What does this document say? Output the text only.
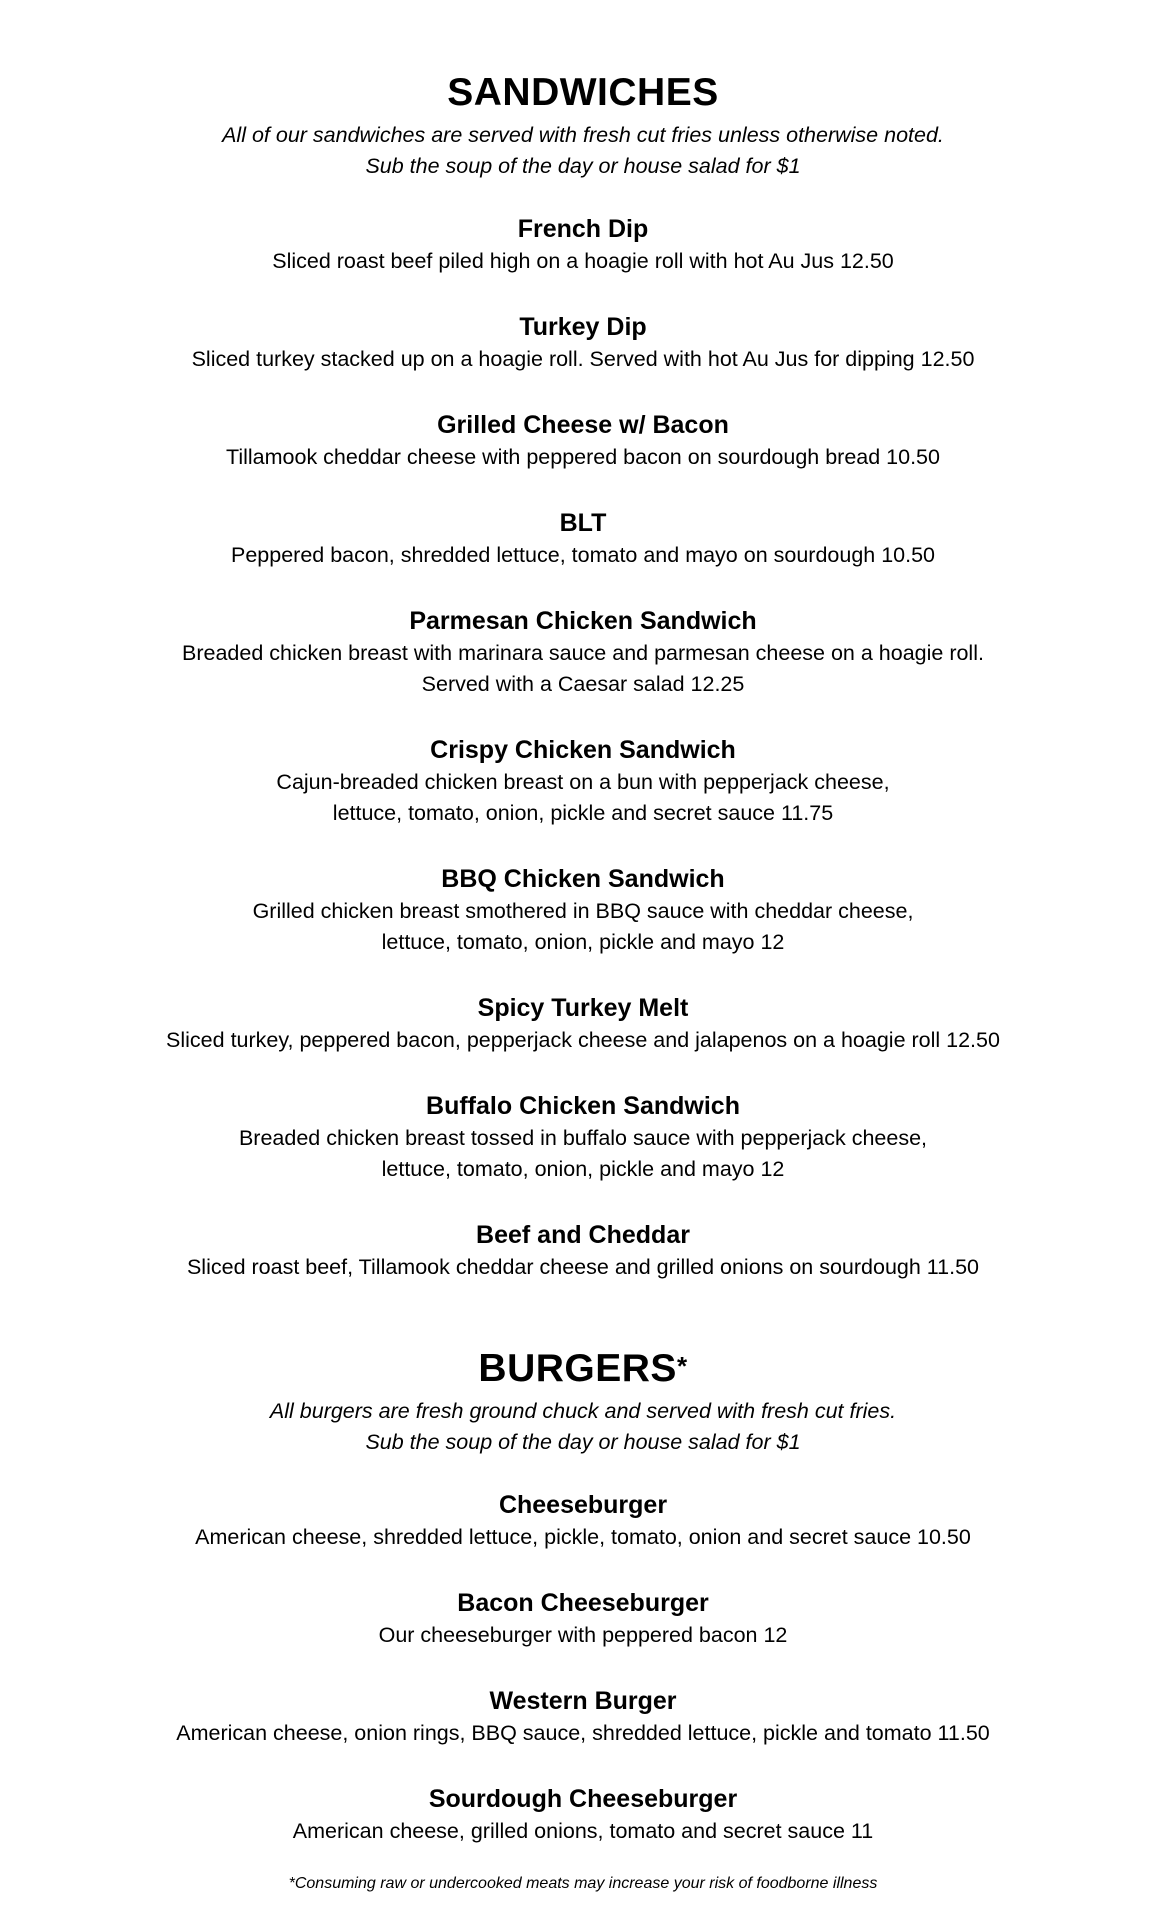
SANDWICHES

All of our sandwiches are served with fresh cut fries unless otherwise noted.
Sub the soup of the day or house salad for $1

French Dip

Sliced roast beef piled high on a hoagie roll with hot Au Jus 12.50

Turkey Dip

Sliced turkey stacked up on a hoagie roll. Served with hot Au Jus for dipping 12.50

Grilled Cheese w/ Bacon

Tillamook cheddar cheese with peppered bacon on sourdough bread 10.50

BLT

Peppered bacon, shredded lettuce, tomato and mayo on sourdough 10.50

Parmesan Chicken Sandwich

Breaded chicken breast with marinara sauce and parmesan cheese on a hoagie roll.

Served with a Caesar salad 12.25

Crispy Chicken Sandwich

Cajun-breaded chicken breast on a bun with pepperjack cheese,

lettuce, tomato, onion, pickle and secret sauce 11.75

BBQ Chicken Sandwich

Grilled chicken breast smothered in BBQ sauce with cheddar cheese,

lettuce, tomato, onion, pickle and mayo 12

Spicy Turkey Melt

Sliced turkey, peppered bacon, pepperjack cheese and jalapenos on a hoagie roll 12.50

Buffalo Chicken Sandwich

Breaded chicken breast tossed in buffalo sauce with pepperjack cheese,

lettuce, tomato, onion, pickle and mayo 12

Beef and Cheddar

Sliced roast beef, Tillamook cheddar cheese and grilled onions on sourdough 11.50

BURGERS*

All burgers are fresh ground chuck and served with fresh cut fries.
Sub the soup of the day or house salad for $1

Cheeseburger

American cheese, shredded lettuce, pickle, tomato, onion and secret sauce 10.50

Bacon Cheeseburger

Our cheeseburger with peppered bacon 12

Western Burger

American cheese, onion rings, BBQ sauce, shredded lettuce, pickle and tomato 11.50

Sourdough Cheeseburger

American cheese, grilled onions, tomato and secret sauce 11

*Consuming raw or undercooked meats may increase your risk of foodborne illness
